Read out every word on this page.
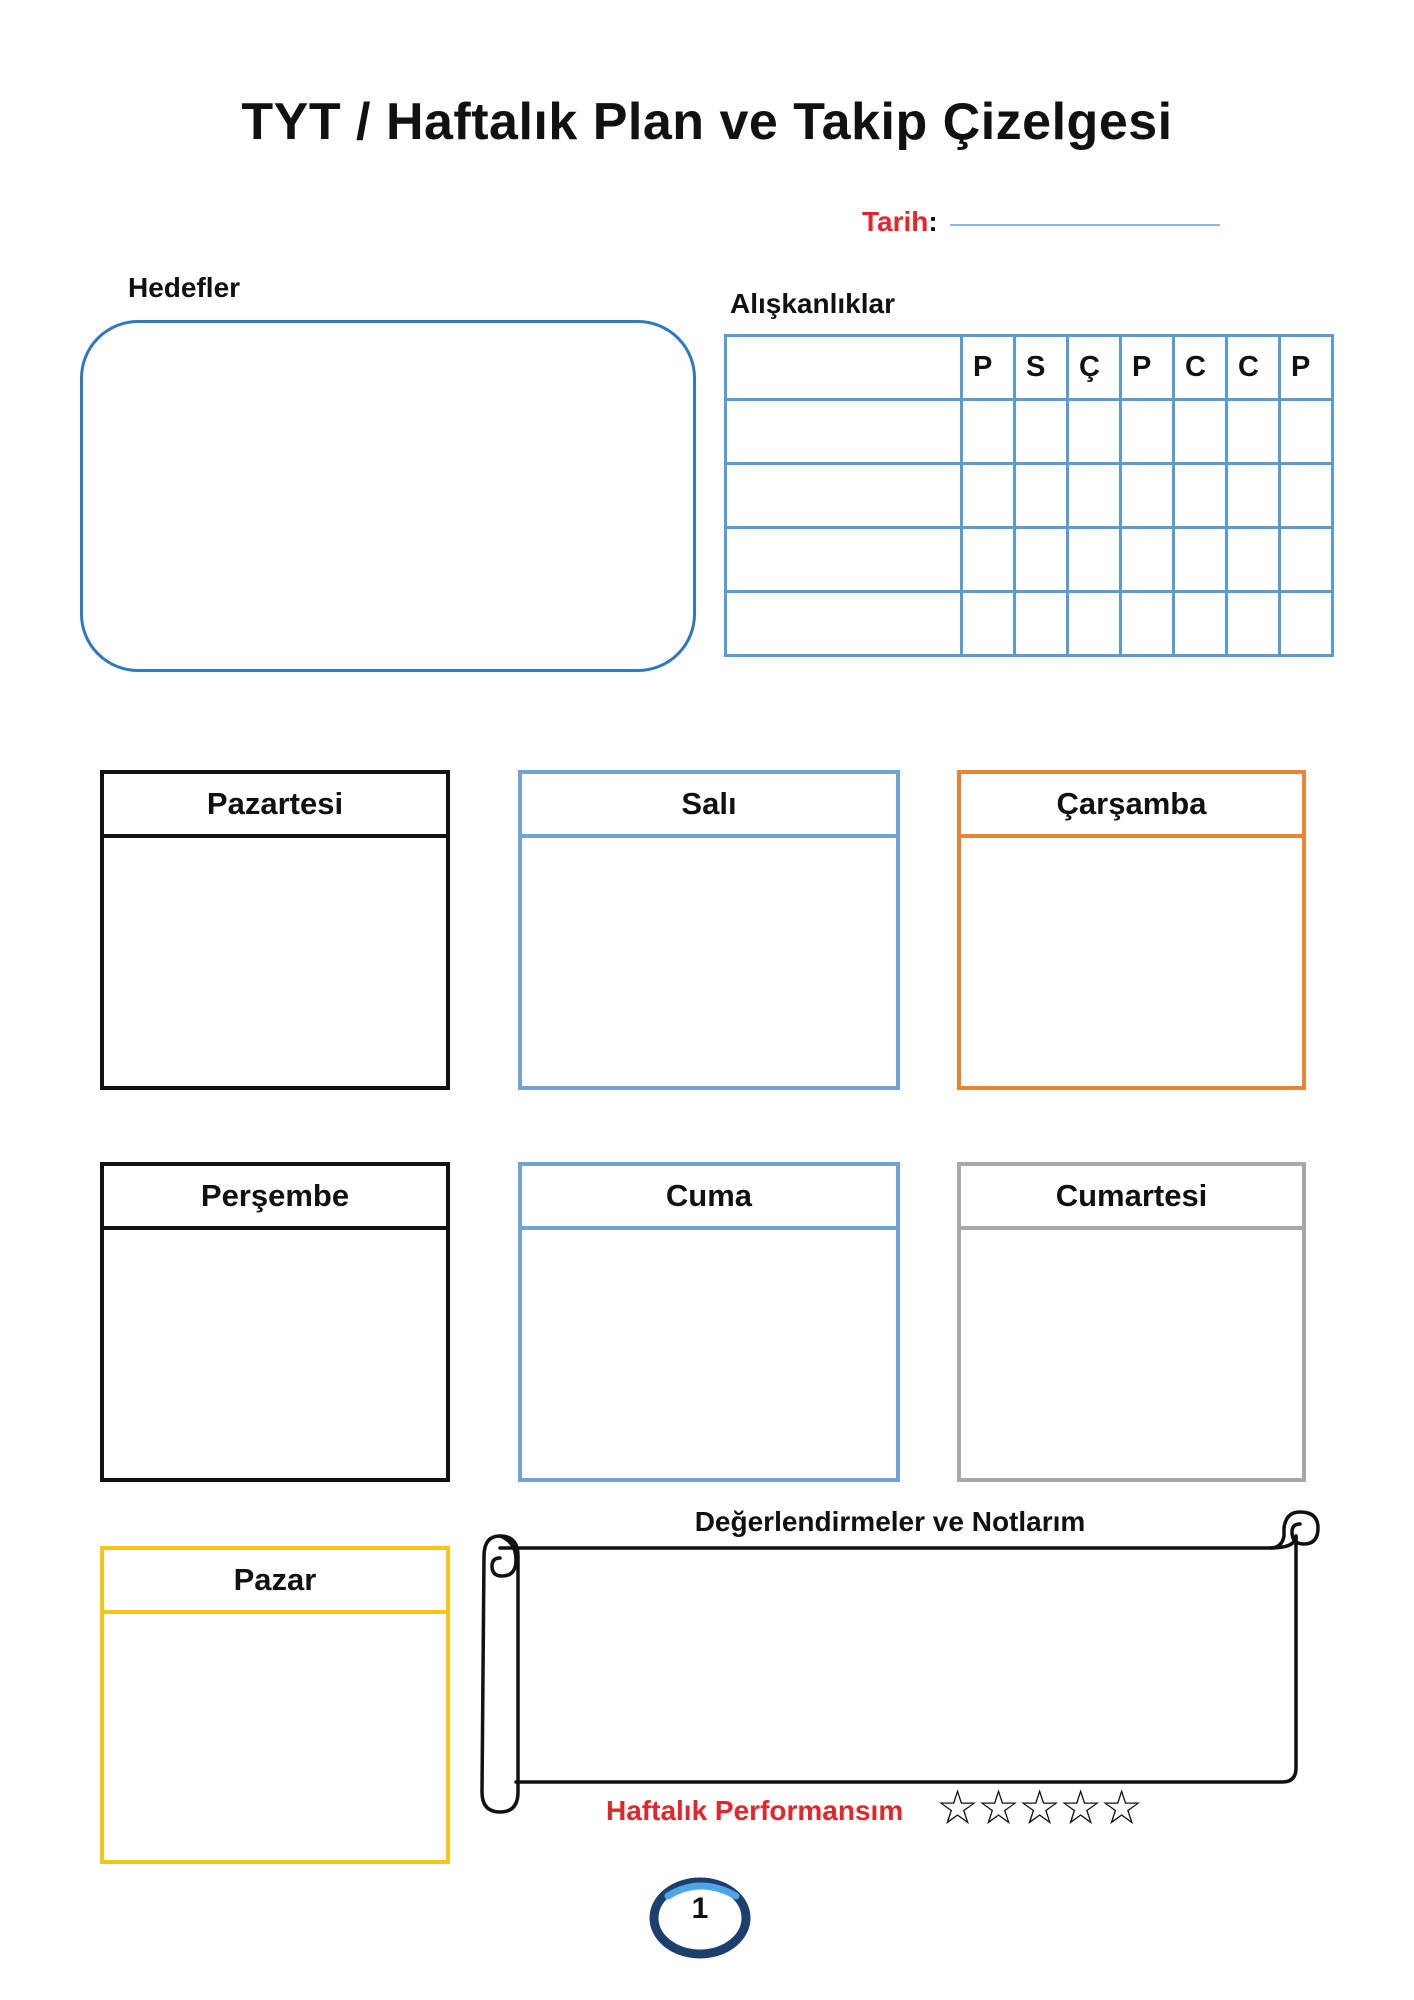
TYT / Haftalık Plan ve Takip Çizelgesi
Tarih:
Hedefler
Alışkanlıklar
	P	S	Ç	P	C	C	P

Pazartesi	Salı	Çarşamba
Perşembe	Cuma	Cumartesi
Pazar
Değerlendirmeler ve Notlarım
Haftalık Performansım ☆☆☆☆☆
1
